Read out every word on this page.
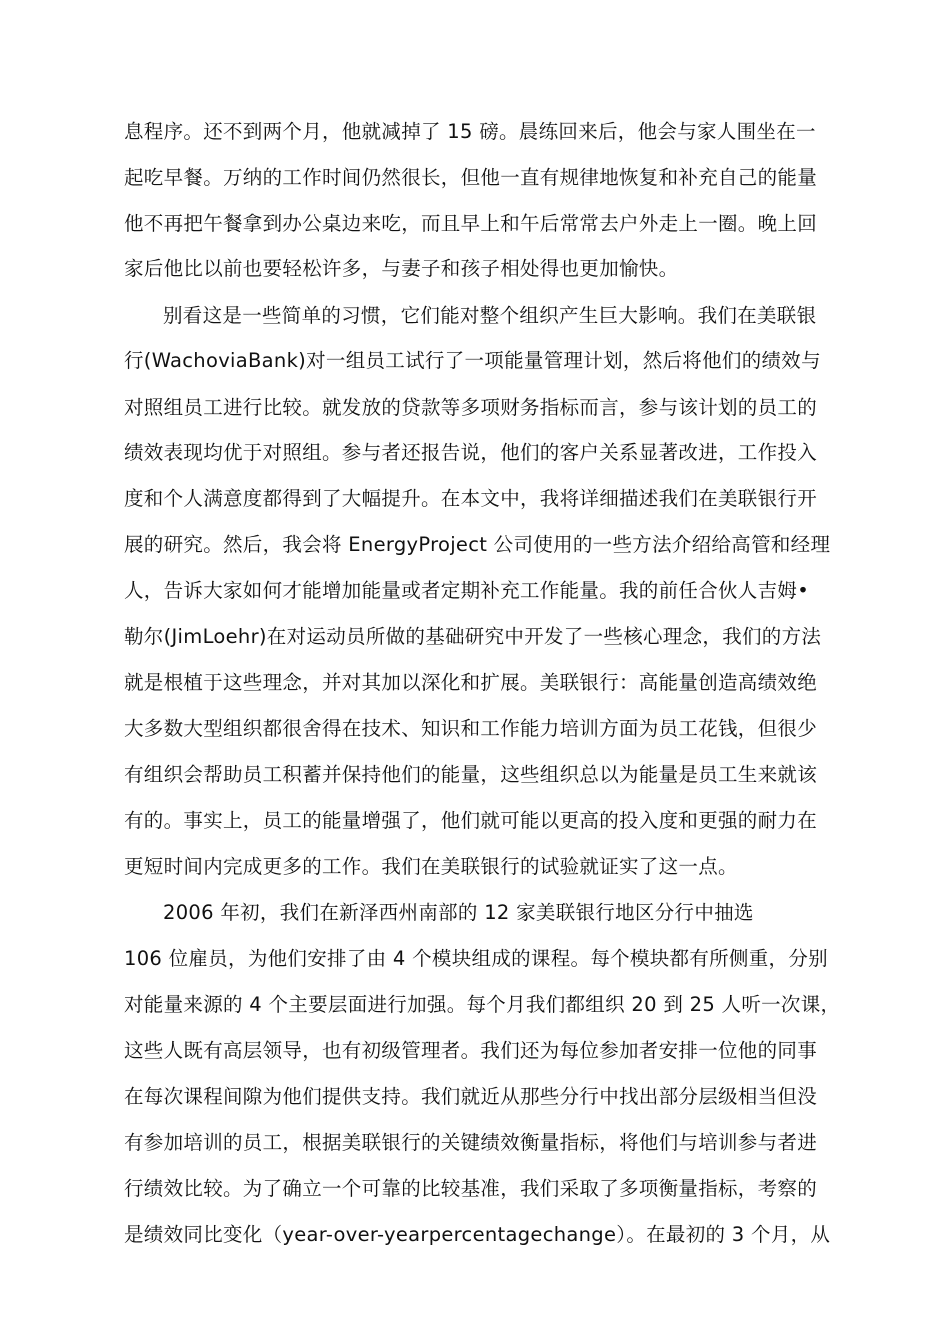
息程序。还不到两个月，他就减掉了 15 磅。晨练回来后，他会与家人围坐在一
起吃早餐。万纳的工作时间仍然很长，但他一直有规律地恢复和补充自己的能量
他不再把午餐拿到办公桌边来吃，而且早上和午后常常去户外走上一圈。晚上回
家后他比以前也要轻松许多，与妻子和孩子相处得也更加愉快。
别看这是一些简单的习惯，它们能对整个组织产生巨大影响。我们在美联银
行(WachoviaBank)对一组员工试行了一项能量管理计划，然后将他们的绩效与
对照组员工进行比较。就发放的贷款等多项财务指标而言，参与该计划的员工的
绩效表现均优于对照组。参与者还报告说，他们的客户关系显著改进，工作投入
度和个人满意度都得到了大幅提升。在本文中，我将详细描述我们在美联银行开
展的研究。然后，我会将 EnergyProject 公司使用的一些方法介绍给高管和经理
人，告诉大家如何才能增加能量或者定期补充工作能量。我的前任合伙人吉姆•
勒尔(JimLoehr)在对运动员所做的基础研究中开发了一些核心理念，我们的方法
就是根植于这些理念，并对其加以深化和扩展。美联银行：高能量创造高绩效绝
大多数大型组织都很舍得在技术、知识和工作能力培训方面为员工花钱，但很少
有组织会帮助员工积蓄并保持他们的能量，这些组织总以为能量是员工生来就该
有的。事实上，员工的能量增强了，他们就可能以更高的投入度和更强的耐力在
更短时间内完成更多的工作。我们在美联银行的试验就证实了这一点。
2006 年初，我们在新泽西州南部的 12 家美联银行地区分行中抽选
106 位雇员，为他们安排了由 4 个模块组成的课程。每个模块都有所侧重，分别
对能量来源的 4 个主要层面进行加强。每个月我们都组织 20 到 25 人听一次课，
这些人既有高层领导，也有初级管理者。我们还为每位参加者安排一位他的同事
在每次课程间隙为他们提供支持。我们就近从那些分行中找出部分层级相当但没
有参加培训的员工，根据美联银行的关键绩效衡量指标，将他们与培训参与者进
行绩效比较。为了确立一个可靠的比较基准，我们采取了多项衡量指标，考察的
是绩效同比变化（year-over-yearpercentagechange）。在最初的 3 个月，从
